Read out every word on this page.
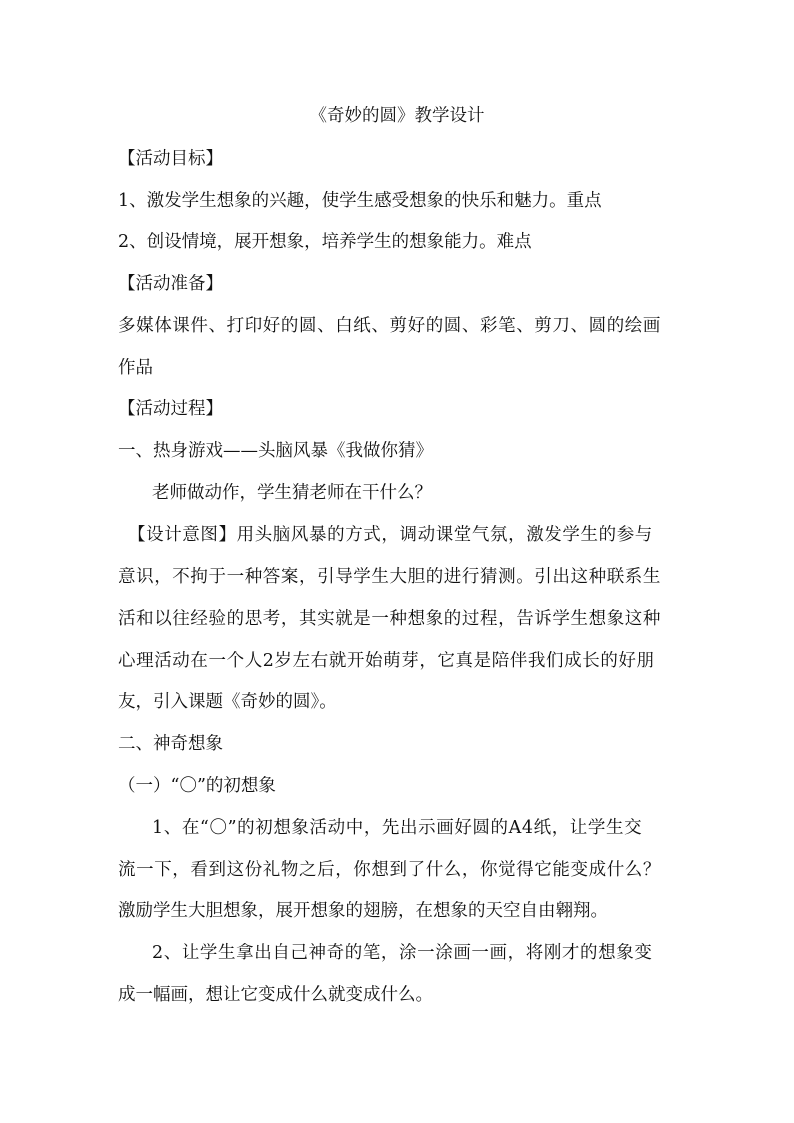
《奇妙的圆》教学设计
【活动目标】
1、激发学生想象的兴趣，使学生感受想象的快乐和魅力。重点
2、创设情境，展开想象，培养学生的想象能力。难点
【活动准备】
多媒体课件、打印好的圆、白纸、剪好的圆、彩笔、剪刀、圆的绘画
作品
【活动过程】
一、热身游戏——头脑风暴《我做你猜》
老师做动作，学生猜老师在干什么？
【设计意图】用头脑风暴的方式，调动课堂气氛，激发学生的参与
意识，不拘于一种答案，引导学生大胆的进行猜测。引出这种联系生
活和以往经验的思考，其实就是一种想象的过程，告诉学生想象这种
心理活动在一个人2岁左右就开始萌芽，它真是陪伴我们成长的好朋
友，引入课题《奇妙的圆》。
二、神奇想象
（一）“〇”的初想象
1、在“〇”的初想象活动中，先出示画好圆的A4纸，让学生交
流一下，看到这份礼物之后，你想到了什么，你觉得它能变成什么？
激励学生大胆想象，展开想象的翅膀，在想象的天空自由翱翔。
2、让学生拿出自己神奇的笔，涂一涂画一画，将刚才的想象变
成一幅画，想让它变成什么就变成什么。
